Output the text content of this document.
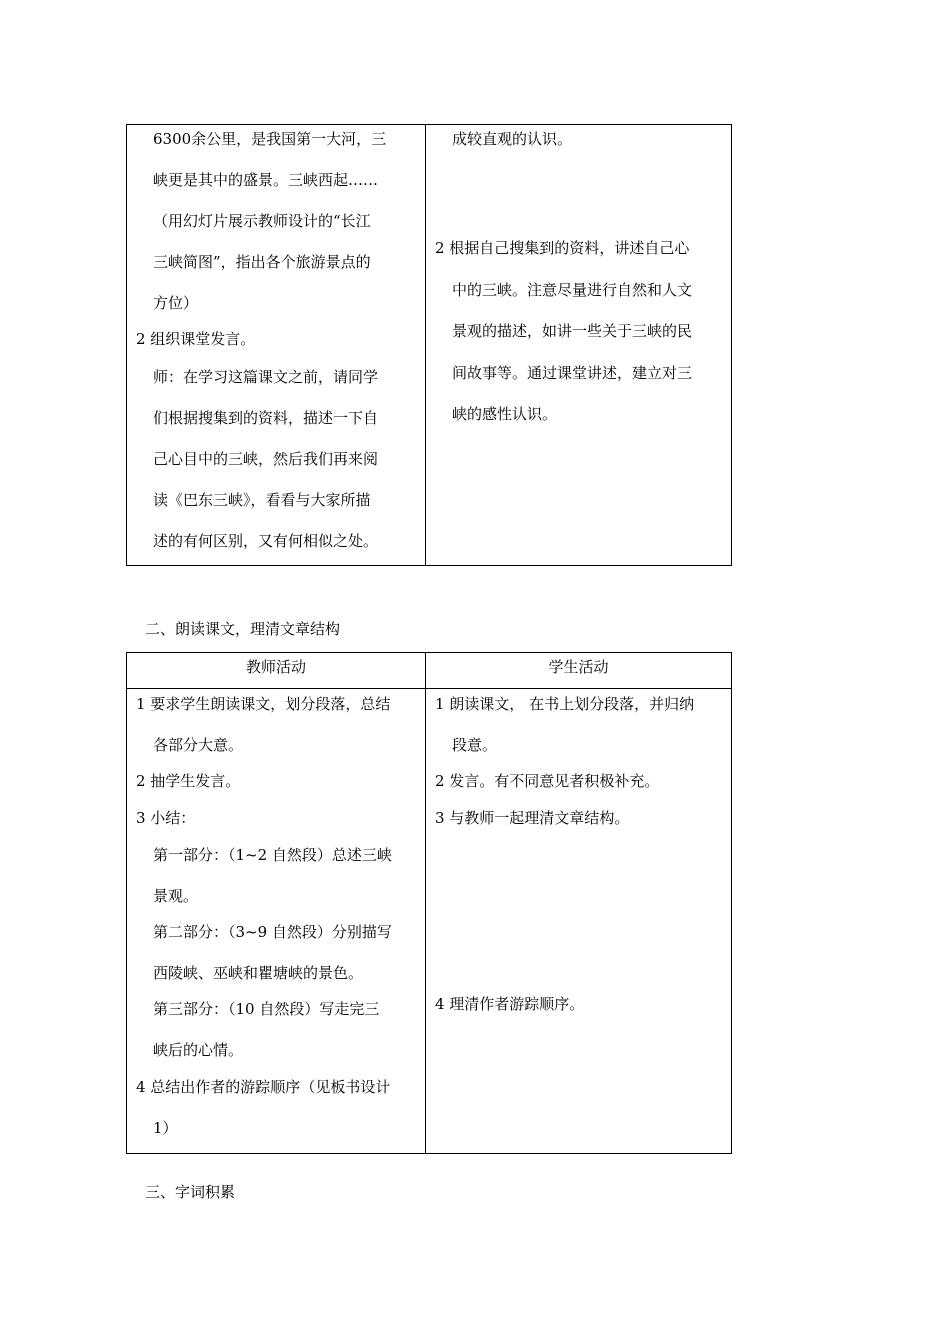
6300余公里，是我国第一大河，三
峡更是其中的盛景。三峡西起……
（用幻灯片展示教师设计的“长江
三峡简图”，指出各个旅游景点的
方位）
2 组织课堂发言。
师：在学习这篇课文之前，请同学
们根据搜集到的资料，描述一下自
己心目中的三峡，然后我们再来阅
读《巴东三峡》，看看与大家所描
述的有何区别，又有何相似之处。
成较直观的认识。
2 根据自己搜集到的资料，讲述自己心
中的三峡。注意尽量进行自然和人文
景观的描述，如讲一些关于三峡的民
间故事等。通过课堂讲述，建立对三
峡的感性认识。
二、朗读课文，理清文章结构
教师活动	学生活动
1 要求学生朗读课文，划分段落，总结
各部分大意。
2 抽学生发言。
3 小结：
第一部分：（1~2 自然段）总述三峡
景观。
第二部分：（3~9 自然段）分别描写
西陵峡、巫峡和瞿塘峡的景色。
第三部分：（10 自然段）写走完三
峡后的心情。
4 总结出作者的游踪顺序（见板书设计
1）
1 朗读课文， 在书上划分段落，并归纳
段意。
2 发言。有不同意见者积极补充。
3 与教师一起理清文章结构。
4 理清作者游踪顺序。
三、字词积累
